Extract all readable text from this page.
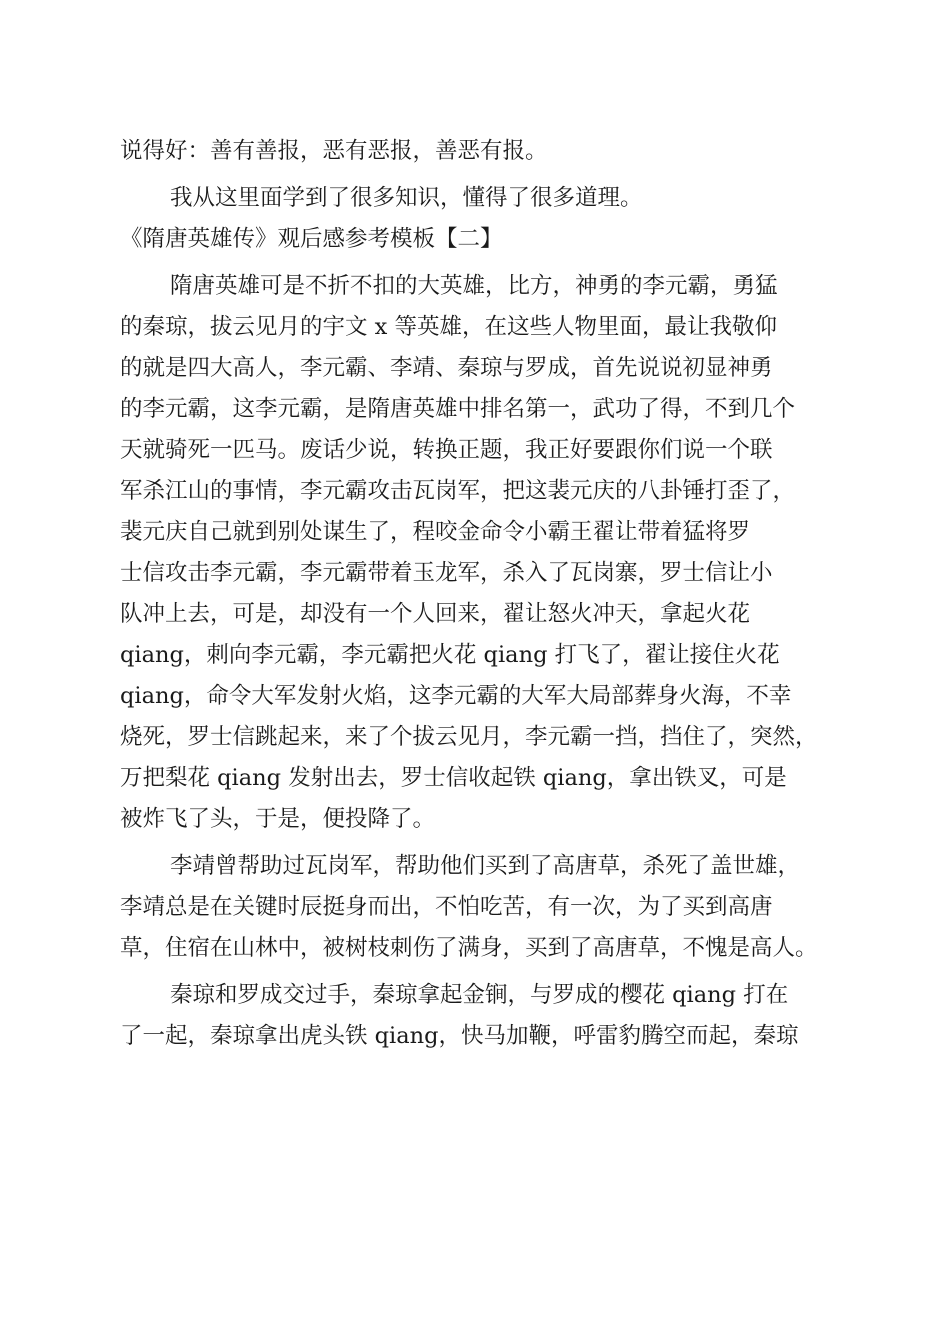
说得好：善有善报，恶有恶报，善恶有报。
我从这里面学到了很多知识，懂得了很多道理。
《隋唐英雄传》观后感参考模板【二】
隋唐英雄可是不折不扣的大英雄，比方，神勇的李元霸，勇猛
的秦琼，拔云见月的宇文 x 等英雄，在这些人物里面，最让我敬仰
的就是四大高人，李元霸、李靖、秦琼与罗成，首先说说初显神勇
的李元霸，这李元霸，是隋唐英雄中排名第一，武功了得，不到几个
天就骑死一匹马。废话少说，转换正题，我正好要跟你们说一个联
军杀江山的事情，李元霸攻击瓦岗军，把这裴元庆的八卦锤打歪了，
裴元庆自己就到别处谋生了，程咬金命令小霸王翟让带着猛将罗
士信攻击李元霸，李元霸带着玉龙军，杀入了瓦岗寨，罗士信让小
队冲上去，可是，却没有一个人回来，翟让怒火冲天，拿起火花
qiang，刺向李元霸，李元霸把火花 qiang 打飞了，翟让接住火花
qiang，命令大军发射火焰，这李元霸的大军大局部葬身火海，不幸
烧死，罗士信跳起来，来了个拔云见月，李元霸一挡，挡住了，突然，
万把梨花 qiang 发射出去，罗士信收起铁 qiang，拿出铁叉，可是
被炸飞了头，于是，便投降了。
李靖曾帮助过瓦岗军，帮助他们买到了高唐草，杀死了盖世雄，
李靖总是在关键时辰挺身而出，不怕吃苦，有一次，为了买到高唐
草，住宿在山林中，被树枝刺伤了满身，买到了高唐草，不愧是高人。
秦琼和罗成交过手，秦琼拿起金锏，与罗成的樱花 qiang 打在
了一起，秦琼拿出虎头铁 qiang，快马加鞭，呼雷豹腾空而起，秦琼
